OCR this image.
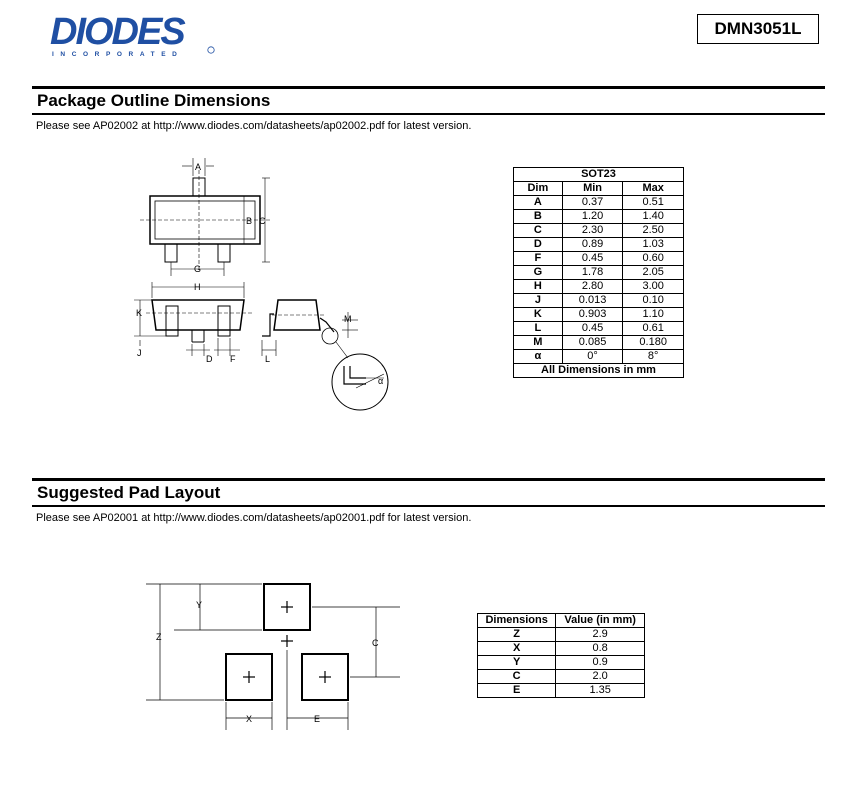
DIODES
INCORPORATED
DMN3051L
Package Outline Dimensions
Please see AP02002 at http://www.diodes.com/datasheets/ap02002.pdf for latest version.
A
B C
G
H
K
J
D F	L
M
α
SOT23		
Dim	Min	Max
A	0.37	0.51
B	1.20	1.40
C	2.30	2.50
D	0.89	1.03
F	0.45	0.60
G	1.78	2.05
H	2.80	3.00
J	0.013	0.10
K	0.903	1.10
L	0.45	0.61
M	0.085	0.180
α	0°	8°
All Dimensions in mm		
Suggested Pad Layout
Please see AP02001 at http://www.diodes.com/datasheets/ap02001.pdf for latest version.
Y
Z
C
X	E
Dimensions	Value (in mm)
Z	2.9
X	0.8
Y	0.9
C	2.0
E	1.35
